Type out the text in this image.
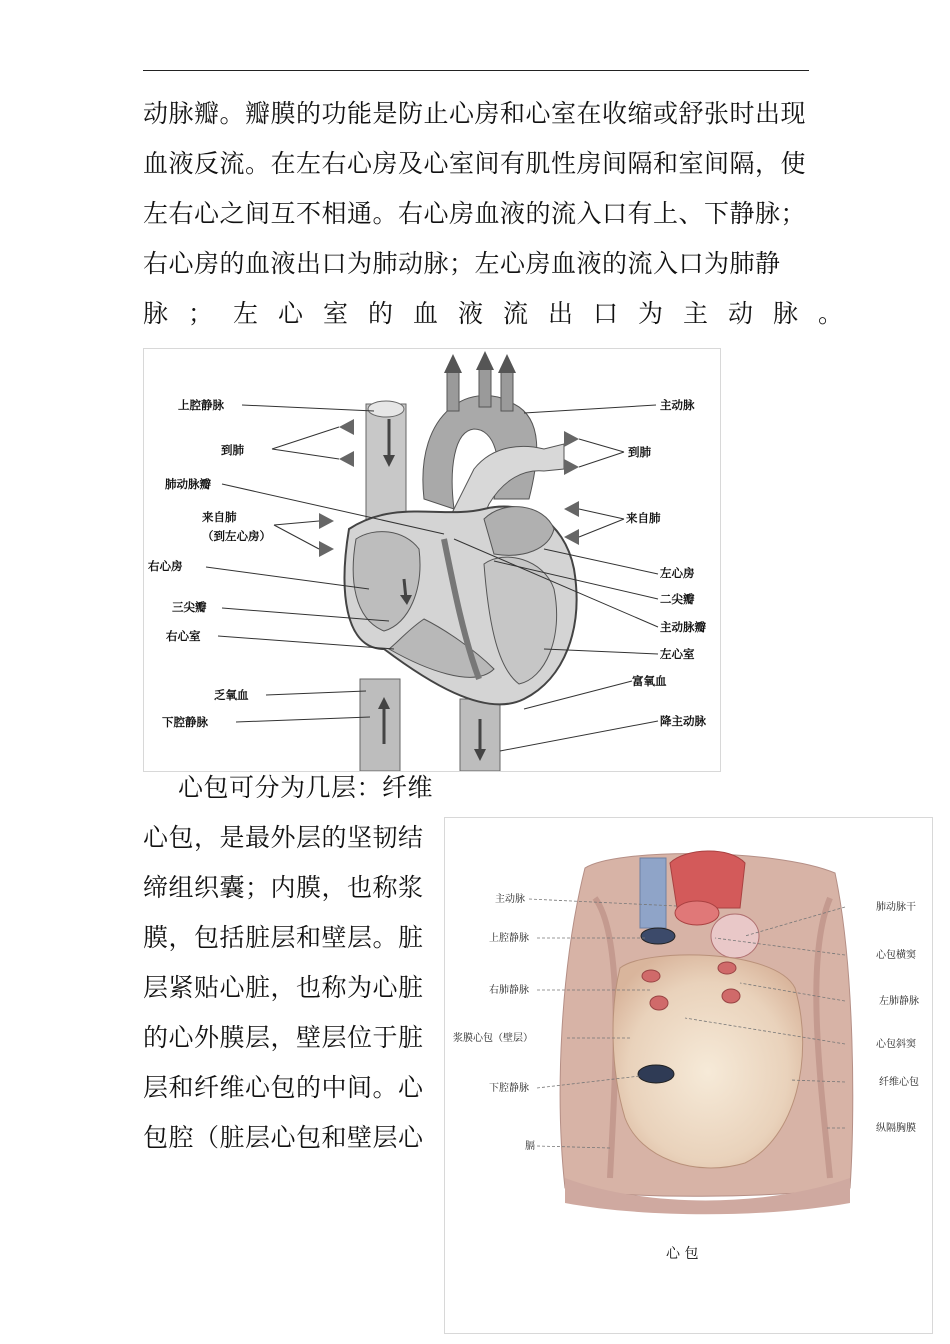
动脉瓣。瓣膜的功能是防止心房和心室在收缩或舒张时出现
血液反流。在左右心房及心室间有肌性房间隔和室间隔，使
左右心之间互不相通。右心房血液的流入口有上、下静脉；
右心房的血液出口为肺动脉；左心房血液的流入口为肺静
脉；左心室的血液流出口为主动脉。
上腔静脉
到肺
肺动脉瓣
来自肺
（到左心房）
右心房
三尖瓣
右心室
乏氧血
下腔静脉
主动脉
到肺
来自肺
左心房
二尖瓣
主动脉瓣
左心室
富氧血
降主动脉
心包可分为几层：纤维
心包，是最外层的坚韧结
缔组织囊；内膜，也称浆
膜，包括脏层和壁层。脏
层紧贴心脏，也称为心脏
的心外膜层，壁层位于脏
层和纤维心包的中间。心
包腔（脏层心包和壁层心
主动脉
上腔静脉
右肺静脉
浆膜心包（壁层）
下腔静脉
膈
肺动脉干
心包横窦
左肺静脉
心包斜窦
纤维心包
纵隔胸膜
心 包
